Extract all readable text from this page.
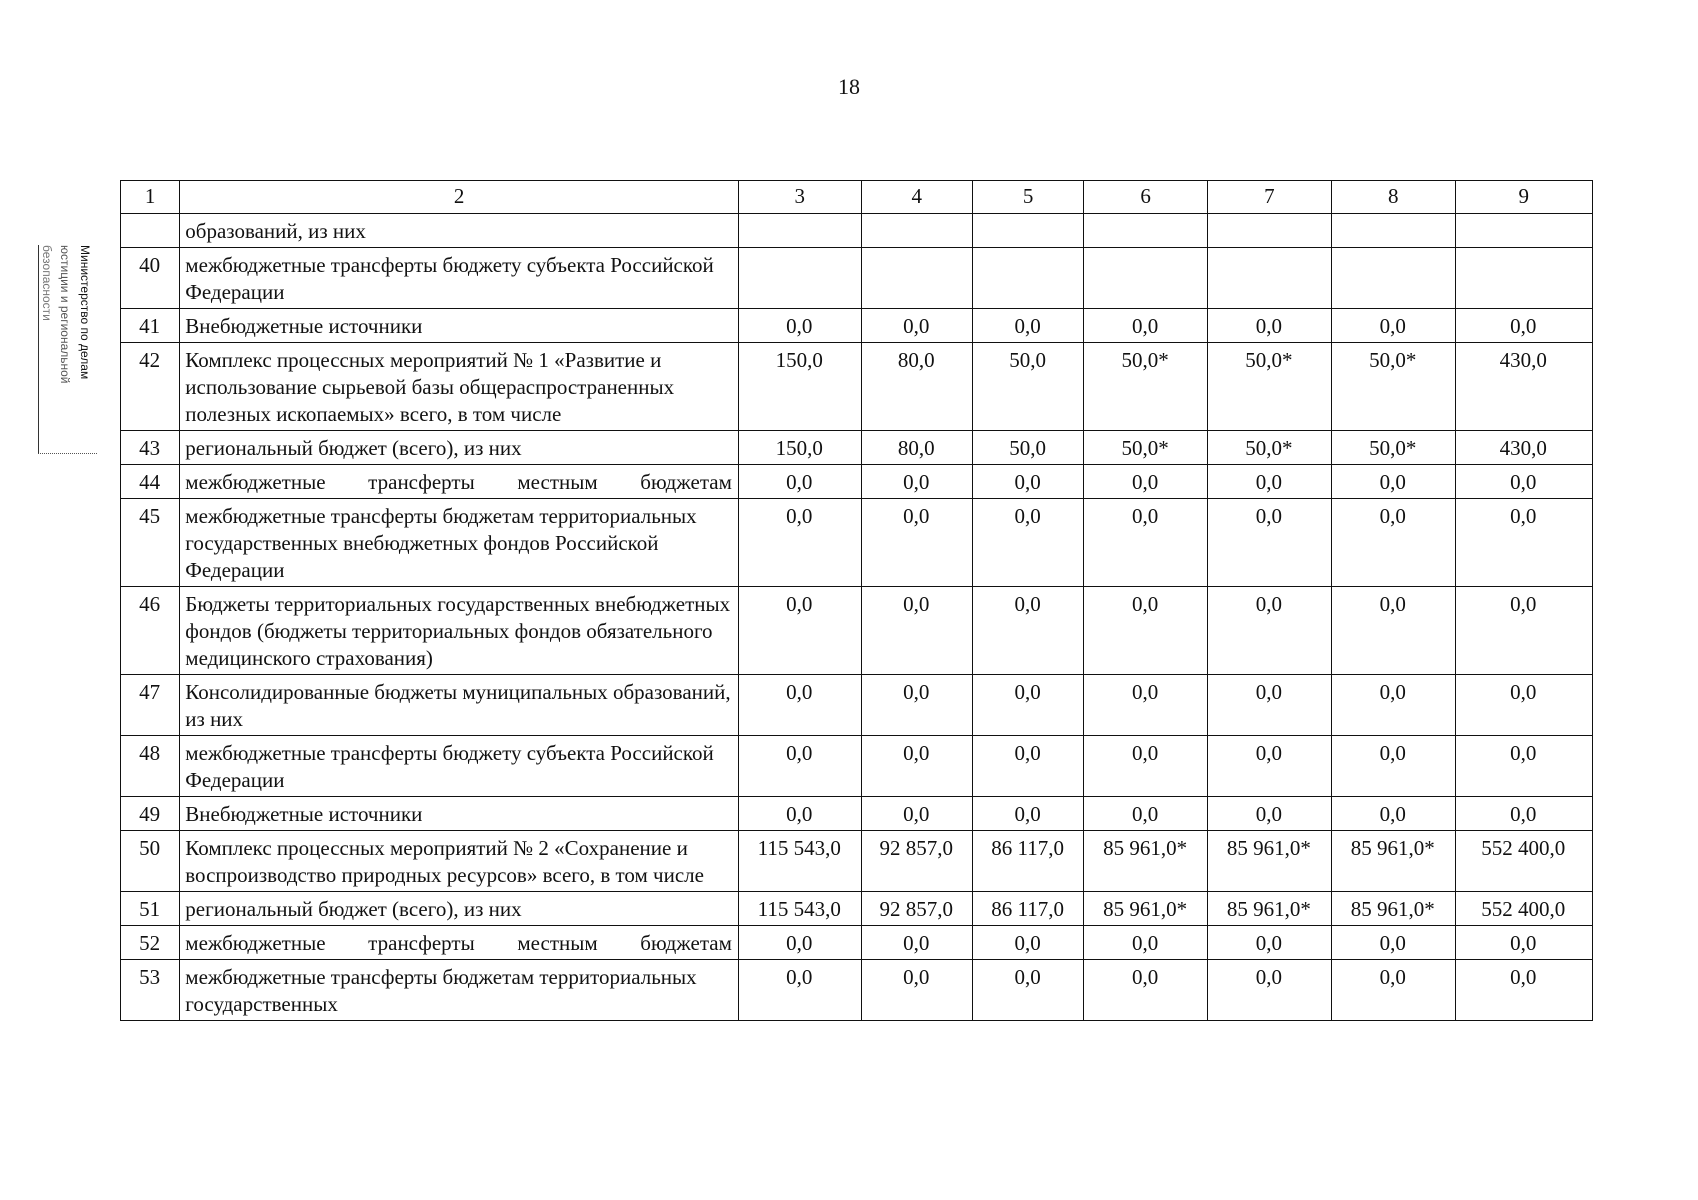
18
Министерство по делам
юстиции и региональной
безопасности
1	2	3	4	5	6	7	8	9
	образований, из них							
40	межбюджетные трансферты бюджету субъекта Российской Федерации							
41	Внебюджетные источники	0,0	0,0	0,0	0,0	0,0	0,0	0,0
42	Комплекс процессных мероприятий № 1 «Развитие и использование сырьевой базы общераспространенных полезных ископаемых» всего, в том числе	150,0	80,0	50,0	50,0*	50,0*	50,0*	430,0
43	региональный бюджет (всего), из них	150,0	80,0	50,0	50,0*	50,0*	50,0*	430,0
44	межбюджетные трансферты местным бюджетам	0,0	0,0	0,0	0,0	0,0	0,0	0,0
45	межбюджетные трансферты бюджетам территориальных государственных внебюджетных фондов Российской Федерации	0,0	0,0	0,0	0,0	0,0	0,0	0,0
46	Бюджеты территориальных государственных внебюджетных фондов (бюджеты территориальных фондов обязательного медицинского страхования)	0,0	0,0	0,0	0,0	0,0	0,0	0,0
47	Консолидированные бюджеты муниципальных образований, из них	0,0	0,0	0,0	0,0	0,0	0,0	0,0
48	межбюджетные трансферты бюджету субъекта Российской Федерации	0,0	0,0	0,0	0,0	0,0	0,0	0,0
49	Внебюджетные источники	0,0	0,0	0,0	0,0	0,0	0,0	0,0
50	Комплекс процессных мероприятий № 2 «Сохранение и воспроизводство природных ресурсов» всего, в том числе	115 543,0	92 857,0	86 117,0	85 961,0*	85 961,0*	85 961,0*	552 400,0
51	региональный бюджет (всего), из них	115 543,0	92 857,0	86 117,0	85 961,0*	85 961,0*	85 961,0*	552 400,0
52	межбюджетные трансферты местным бюджетам	0,0	0,0	0,0	0,0	0,0	0,0	0,0
53	межбюджетные трансферты бюджетам территориальных государственных	0,0	0,0	0,0	0,0	0,0	0,0	0,0
